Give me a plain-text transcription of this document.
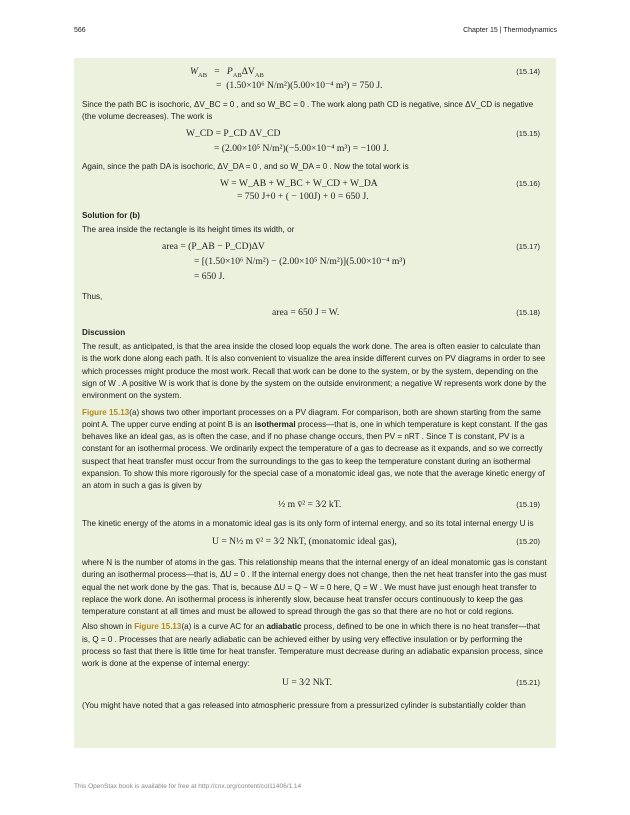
566	Chapter 15 | Thermodynamics
$W_{AB} = P_{AB}\Delta V_{AB}$
=  (1.50×10⁶ N/m²)(5.00×10⁻⁴ m³) = 750 J.
(15.14)

Since the path BC is isochoric, ΔV_BC = 0 , and so W_BC = 0 . The work along path CD is negative, since ΔV_CD is negative (the volume decreases). The work is

W_CD = P_CD ΔV_CD
= (2.00×10⁵ N/m²)(−5.00×10⁻⁴ m³) = −100 J.
(15.15)

Again, since the path DA is isochoric, ΔV_DA = 0 , and so W_DA = 0 . Now the total work is

W = W_AB + W_BC + W_CD + W_DA
= 750 J+0 + ( − 100J) + 0 = 650 J.
(15.16)
Solution for (b)

The area inside the rectangle is its height times its width, or

area = (P_AB − P_CD)ΔV
= [(1.50×10⁶ N/m²) − (2.00×10⁵ N/m²)](5.00×10⁻⁴ m³)
= 650 J.
(15.17)

Thus,

area = 650 J = W.	(15.18)
Discussion

The result, as anticipated, is that the area inside the closed loop equals the work done. The area is often easier to calculate than is the work done along each path. It is also convenient to visualize the area inside different curves on PV diagrams in order to see which processes might produce the most work. Recall that work can be done to the system, or by the system, depending on the sign of W . A positive W is work that is done by the system on the outside environment; a negative W represents work done by the environment on the system.

Figure 15.13(a) shows two other important processes on a PV diagram. For comparison, both are shown starting from the same point A. The upper curve ending at point B is an isothermal process—that is, one in which temperature is kept constant. If the gas behaves like an ideal gas, as is often the case, and if no phase change occurs, then PV = nRT . Since T is constant, PV is a constant for an isothermal process. We ordinarily expect the temperature of a gas to decrease as it expands, and so we correctly suspect that heat transfer must occur from the surroundings to the gas to keep the temperature constant during an isothermal expansion. To show this more rigorously for the special case of a monatomic ideal gas, we note that the average kinetic energy of an atom in such a gas is given by

½ m v̄² = 3⁄2 kT.	(15.19)

The kinetic energy of the atoms in a monatomic ideal gas is its only form of internal energy, and so its total internal energy U is

U = N½ m v̄² = 3⁄2 NkT, (monatomic ideal gas),	(15.20)

where N is the number of atoms in the gas. This relationship means that the internal energy of an ideal monatomic gas is constant during an isothermal process—that is, ΔU = 0 . If the internal energy does not change, then the net heat transfer into the gas must equal the net work done by the gas. That is, because ΔU = Q − W = 0 here, Q = W . We must have just enough heat transfer to replace the work done. An isothermal process is inherently slow, because heat transfer occurs continuously to keep the gas temperature constant at all times and must be allowed to spread through the gas so that there are no hot or cold regions.

Also shown in Figure 15.13(a) is a curve AC for an adiabatic process, defined to be one in which there is no heat transfer—that is, Q = 0 . Processes that are nearly adiabatic can be achieved either by using very effective insulation or by performing the process so fast that there is little time for heat transfer. Temperature must decrease during an adiabatic expansion process, since work is done at the expense of internal energy:

U = 3⁄2 NkT.	(15.21)

(You might have noted that a gas released into atmospheric pressure from a pressurized cylinder is substantially colder than

This OpenStax book is available for free at http://cnx.org/content/col11406/1.14
